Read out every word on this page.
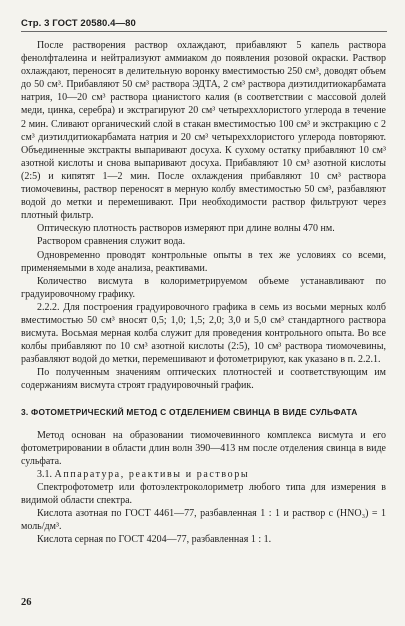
Стр. 3 ГОСТ 20580.4—80

После растворения раствор охлаждают, прибавляют 5 капель раствора фенолфталеина и нейтрализуют аммиаком до появления розовой окраски. Раствор охлаждают, переносят в делительную воронку вместимостью 250 см³, доводят объем до 50 см³. Прибавляют 50 см³ раствора ЭДТА, 2 см³ раствора диэтилдитиокарбамата натрия, 10—20 см³ раствора цианистого калия (в соответствии с массовой долей меди, цинка, серебра) и экстрагируют 20 см³ четыреххлористого углерода в течение 2 мин. Сливают органический слой в стакан вместимостью 100 см³ и экстракцию с 2 см³ диэтилдитиокарбамата натрия и 20 см³ четыреххлористого углерода повторяют. Объединенные экстракты выпаривают досуха. К сухому остатку прибавляют 10 см³ азотной кислоты и снова выпаривают досуха. Прибавляют 10 см³ азотной кислоты (2:5) и кипятят 1—2 мин. После охлаждения прибавляют 10 см³ раствора тиомочевины, раствор переносят в мерную колбу вместимостью 50 см³, разбавляют водой до метки и перемешивают. При необходимости раствор фильтруют через плотный фильтр.

Оптическую плотность растворов измеряют при длине волны 470 нм.

Раствором сравнения служит вода.

Одновременно проводят контрольные опыты в тех же условиях со всеми, применяемыми в ходе анализа, реактивами.

Количество висмута в колориметрируемом объеме устанавливают по градуировочному графику.

2.2.2. Для построения градуировочного графика в семь из восьми мерных колб вместимостью 50 см³ вносят 0,5; 1,0; 1,5; 2,0; 3,0 и 5,0 см³ стандартного раствора висмута. Восьмая мерная колба служит для проведения контрольного опыта. Во все колбы прибавляют по 10 см³ азотной кислоты (2:5), 10 см³ раствора тиомочевины, разбавляют водой до метки, перемешивают и фотометрируют, как указано в п. 2.2.1.

По полученным значениям оптических плотностей и соответствующим им содержаниям висмута строят градуировочный график.

3. ФОТОМЕТРИЧЕСКИЙ МЕТОД С ОТДЕЛЕНИЕМ СВИНЦА В ВИДЕ СУЛЬФАТА

Метод основан на образовании тиомочевинного комплекса висмута и его фотометрировании в области длин волн 390—413 нм после отделения свинца в виде сульфата.

3.1. Аппаратура, реактивы и растворы

Спектрофотометр или фотоэлектроколориметр любого типа для измерения в видимой области спектра.

Кислота азотная по ГОСТ 4461—77, разбавленная 1 : 1 и раствор с (HNO₃) = 1 моль/дм³.

Кислота серная по ГОСТ 4204—77, разбавленная 1 : 1.

26
